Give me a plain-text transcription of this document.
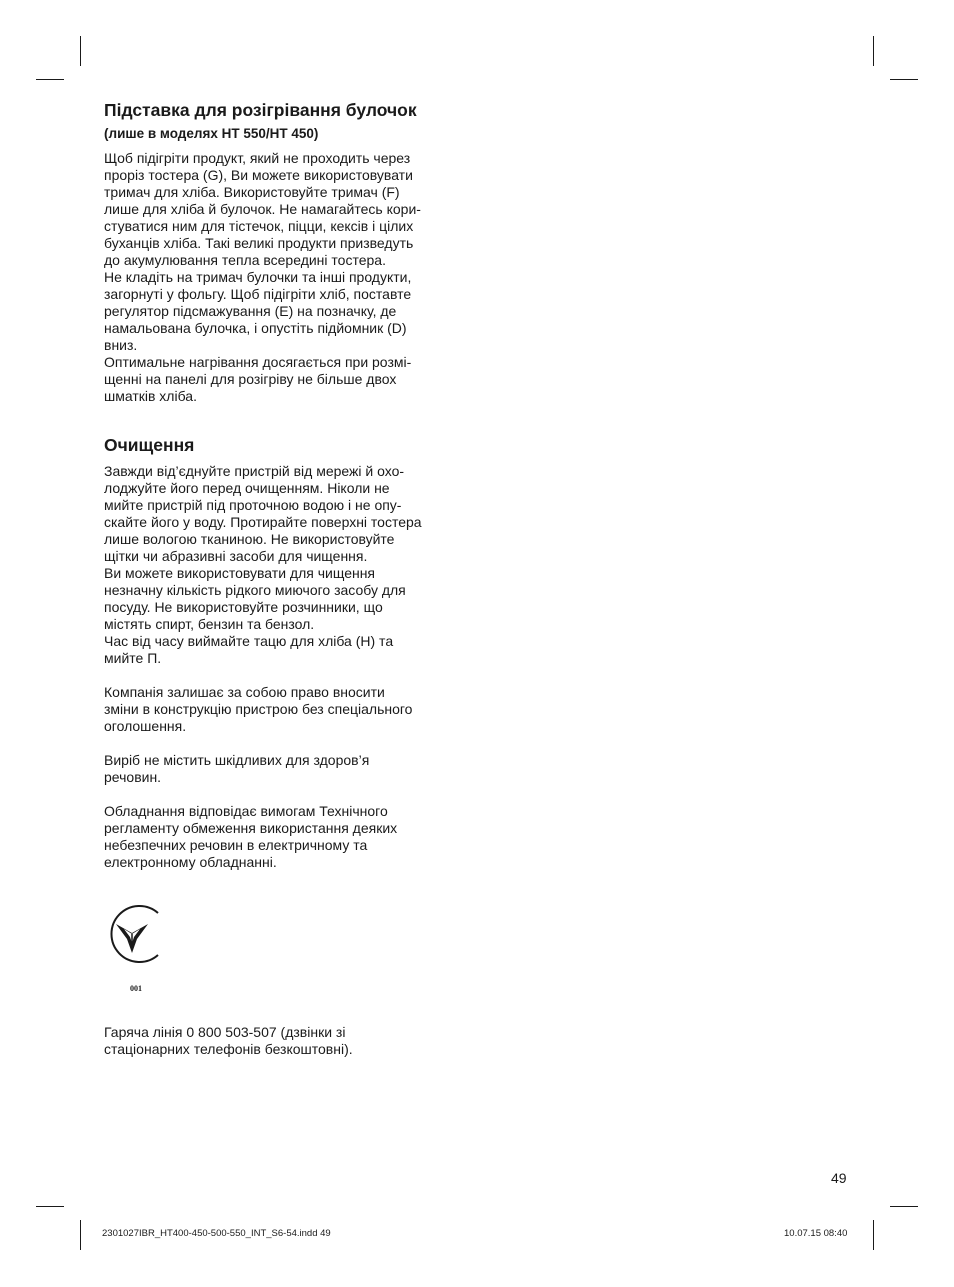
Підставка для розігрівання булочок
(лише в моделях HT 550/HT 450)

Щоб підігріти продукт, який не проходить через
проріз тостера (G), Ви можете використовувати
тримач для хліба. Використовуйте тримач (F)
лише для хліба й булочок. Не намагайтесь кори-
стуватися ним для тістечок, піцци, кексів і цілих
буханців хліба. Такі великі продукти призведуть
до акумулювання тепла всередині тостера.

Не кладіть на тримач булочки та інші продукти,
загорнуті у фольгу. Щоб підігріти хліб, поставте
регулятор підсмажування (E) на позначку, де
намальована булочка, і опустіть підйомник (D)
вниз.

Оптимальне нагрівання досягається при розмі-
щенні на панелі для розігріву не більше двох
шматків хліба.

Очищення

Завжди від’єднуйте пристрій від мережі й охо-
лоджуйте його перед очищенням. Ніколи не
мийте пристрій під проточною водою і не опу-
скайте його у воду. Протирайте поверхні тостера
лише вологою тканиною. Не використовуйте
щітки чи абразивні засоби для чищення.

Ви можете використовувати для чищення
незначну кількість рідкого миючого засобу для
посуду. Не використовуйте розчинники, що
містять спирт, бензин та бензол.

Час від часу виймайте тацю для хліба (H) та
мийте П.

Компанія залишає за собою право вносити
зміни в конструкцію пристрою без спеціального
оголошення.

Виріб не містить шкідливих для здоров’я
речовин.

Обладнання відповідає вимогам Технічного
регламенту обмеження використання деяких
небезпечних речовин в електричному та
електронному обладнанні.

001

Гаряча лінія 0 800 503-507 (дзвінки зі
стаціонарних телефонів безкоштовні).

49
2301027IBR_HT400-450-500-550_INT_S6-54.indd 49	10.07.15 08:40
